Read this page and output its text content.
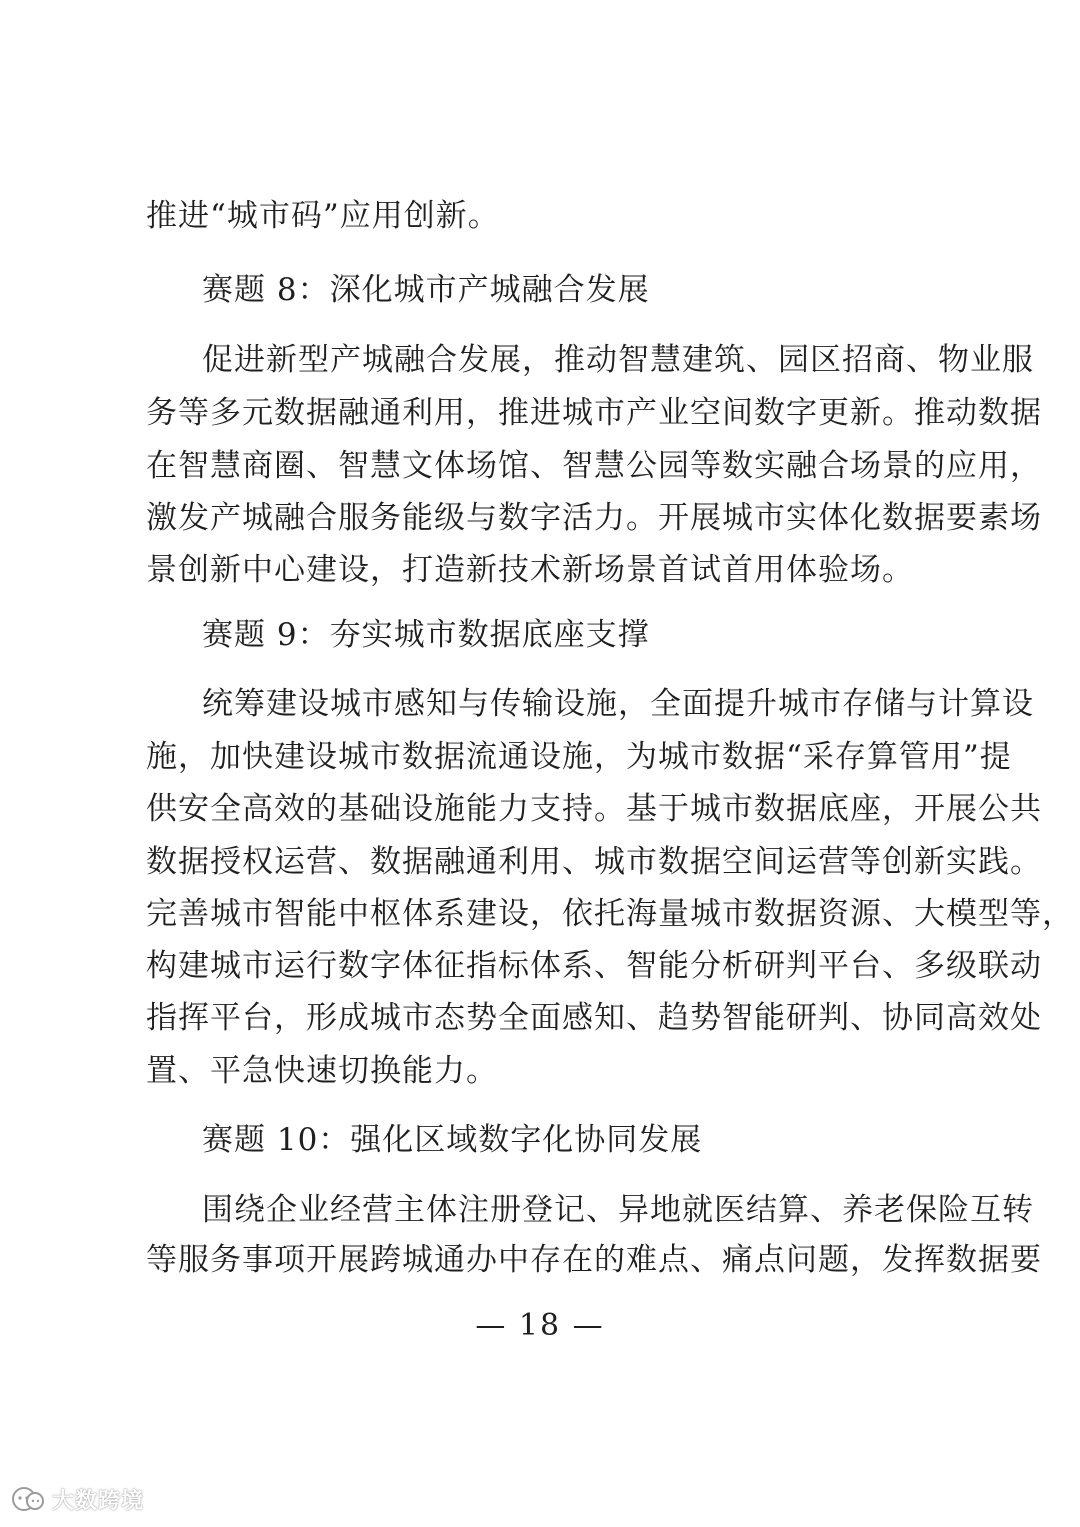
推进“城市码”应用创新。
赛题 8：深化城市产城融合发展
促进新型产城融合发展，推动智慧建筑、园区招商、物业服
务等多元数据融通利用，推进城市产业空间数字更新。推动数据
在智慧商圈、智慧文体场馆、智慧公园等数实融合场景的应用，
激发产城融合服务能级与数字活力。开展城市实体化数据要素场
景创新中心建设，打造新技术新场景首试首用体验场。
赛题 9：夯实城市数据底座支撑
统筹建设城市感知与传输设施，全面提升城市存储与计算设
施，加快建设城市数据流通设施，为城市数据“采存算管用”提
供安全高效的基础设施能力支持。基于城市数据底座，开展公共
数据授权运营、数据融通利用、城市数据空间运营等创新实践。
完善城市智能中枢体系建设，依托海量城市数据资源、大模型等，
构建城市运行数字体征指标体系、智能分析研判平台、多级联动
指挥平台，形成城市态势全面感知、趋势智能研判、协同高效处
置、平急快速切换能力。
赛题 10：强化区域数字化协同发展
围绕企业经营主体注册登记、异地就医结算、养老保险互转
等服务事项开展跨城通办中存在的难点、痛点问题，发挥数据要
— 18 —
大数跨境
